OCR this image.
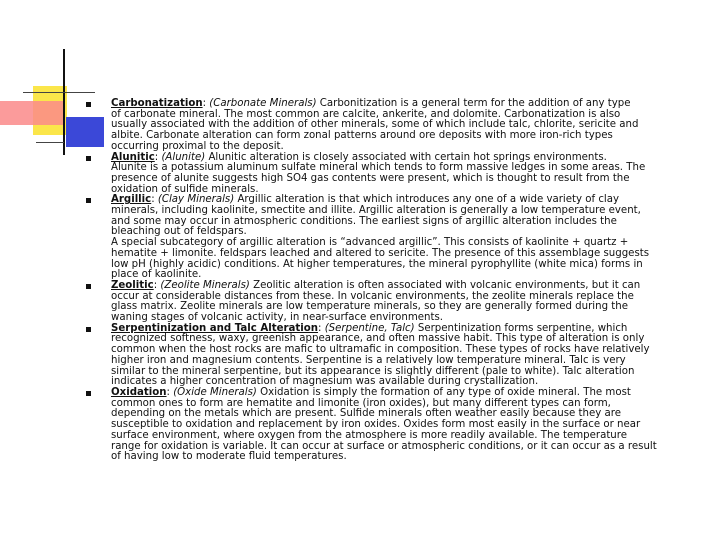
Carbonatization: (Carbonate Minerals) Carbonitization is a general term for the addition of any type
of carbonate mineral. The most common are calcite, ankerite, and dolomite. Carbonatization is also
usually associated with the addition of other minerals, some of which include talc, chlorite, sericite and
albite. Carbonate alteration can form zonal patterns around ore deposits with more iron-rich types
occurring proximal to the deposit.
Alunitic: (Alunite) Alunitic alteration is closely associated with certain hot springs environments.
Alunite is a potassium aluminum sulfate mineral which tends to form massive ledges in some areas. The
presence of alunite suggests high SO4 gas contents were present, which is thought to result from the
oxidation of sulfide minerals.
Argillic: (Clay Minerals) Argillic alteration is that which introduces any one of a wide variety of clay
minerals, including kaolinite, smectite and illite. Argillic alteration is generally a low temperature event,
and some may occur in atmospheric conditions. The earliest signs of argillic alteration includes the
bleaching out of feldspars.
A special subcategory of argillic alteration is “advanced argillic”. This consists of kaolinite + quartz +
hematite + limonite. feldspars leached and altered to sericite. The presence of this assemblage suggests
low pH (highly acidic) conditions. At higher temperatures, the mineral pyrophyllite (white mica) forms in
place of kaolinite.
Zeolitic: (Zeolite Minerals) Zeolitic alteration is often associated with volcanic environments, but it can
occur at considerable distances from these. In volcanic environments, the zeolite minerals replace the
glass matrix. Zeolite minerals are low temperature minerals, so they are generally formed during the
waning stages of volcanic activity, in near-surface environments.
Serpentinization and Talc Alteration: (Serpentine, Talc) Serpentinization forms serpentine, which
recognized softness, waxy, greenish appearance, and often massive habit. This type of alteration is only
common when the host rocks are mafic to ultramafic in composition. These types of rocks have relatively
higher iron and magnesium contents. Serpentine is a relatively low temperature mineral. Talc is very
similar to the mineral serpentine, but its appearance is slightly different (pale to white). Talc alteration
indicates a higher concentration of magnesium was available during crystallization.
Oxidation: (Oxide Minerals) Oxidation is simply the formation of any type of oxide mineral. The most
common ones to form are hematite and limonite (iron oxides), but many different types can form,
depending on the metals which are present. Sulfide minerals often weather easily because they are
susceptible to oxidation and replacement by iron oxides. Oxides form most easily in the surface or near
surface environment, where oxygen from the atmosphere is more readily available. The temperature
range for oxidation is variable. It can occur at surface or atmospheric conditions, or it can occur as a result
of having low to moderate fluid temperatures.
